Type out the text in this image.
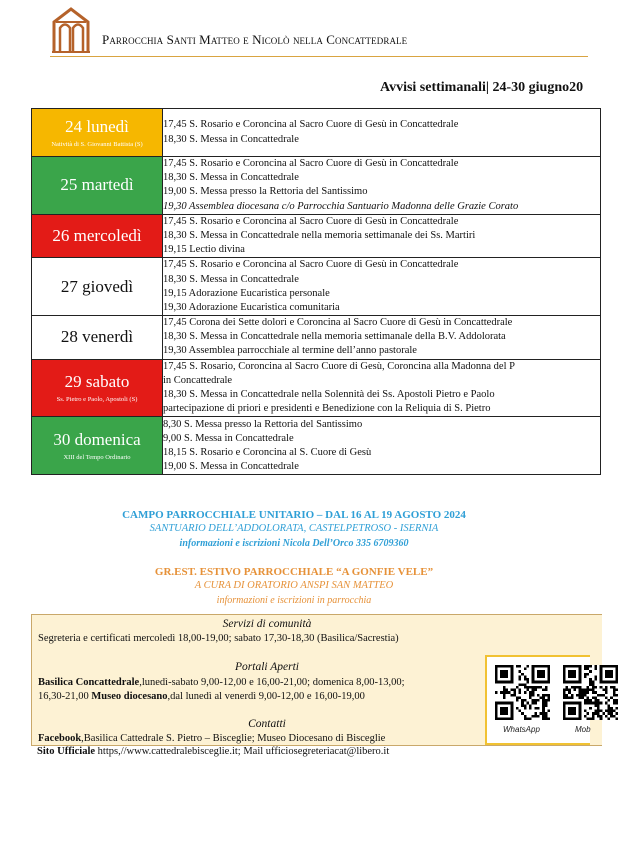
Parrocchia Santi Matteo e Nicolò nella Concattedrale
Avvisi settimanali| 24-30 giugno20
24 lunedì
Natività di S. Giovanni Battista (S)	17,45 S. Rosario e Coroncina al Sacro Cuore di Gesù in Concattedrale
18,30 S. Messa in Concattedrale

25 martedì	17,45 S. Rosario e Coroncina al Sacro Cuore di Gesù in Concattedrale
18,30 S. Messa in Concattedrale
19,00 S. Messa presso la Rettoria del Santissimo
19,30 Assemblea diocesana c/o Parrocchia Santuario Madonna delle Grazie Corato

26 mercoledì	17,45 S. Rosario e Coroncina al Sacro Cuore di Gesù in Concattedrale
18,30 S. Messa in Concattedrale nella memoria settimanale dei Ss. Martiri
19,15 Lectio divina

27 giovedì	17,45 S. Rosario e Coroncina al Sacro Cuore di Gesù in Concattedrale
18,30 S. Messa in Concattedrale
19,15 Adorazione Eucaristica personale
19,30 Adorazione Eucaristica comunitaria

28 venerdì	17,45 Corona dei Sette dolori e Coroncina al Sacro Cuore di Gesù in Concattedrale
18,30 S. Messa in Concattedrale nella memoria settimanale della B.V. Addolorata
19,30 Assemblea parrocchiale al termine dell’anno pastorale

29 sabato
Ss. Pietro e Paolo, Apostoli (S)	17,45 S. Rosario, Coroncina al Sacro Cuore di Gesù, Coroncina alla Madonna del P
in Concattedrale
18,30 S. Messa in Concattedrale nella Solennità dei Ss. Apostoli Pietro e Paolo
partecipazione di priori e presidenti e Benedizione con la Reliquia di S. Pietro

30 domenica
XIII del Tempo Ordinario	8,30 S. Messa presso la Rettoria del Santissimo
9,00 S. Messa in Concattedrale
18,15 S. Rosario e Coroncina al S. Cuore di Gesù
19,00 S. Messa in Concattedrale
CAMPO PARROCCHIALE UNITARIO – DAL 16 AL 19 AGOSTO 2024
SANTUARIO DELL’ADDOLORATA, CASTELPETROSO - ISERNIA
informazioni e iscrizioni Nicola Dell’Orco 335 6709360
GR.EST. ESTIVO PARROCCHIALE “A GONFIE VELE”
A CURA DI ORATORIO ANSPI SAN MATTEO
informazioni e iscrizioni in parrocchia
Servizi di comunità
Segreteria e certificati mercoledì 18,00-19,00; sabato 17,30-18,30 (Basilica/Sacrestia)
Portali Aperti
Basilica Concattedrale,lunedì-sabato 9,00-12,00 e 16,00-21,00; domenica 8,00-13,00;
16,30-21,00 Museo diocesano,dal lunedì al venerdì 9,00-12,00 e 16,00-19,00
Contatti
Facebook,Basilica Cattedrale S. Pietro – Bisceglie; Museo Diocesano di Bisceglie
Sito Ufficiale https,//www.cattedralebisceglie.it; Mail ufficiosegreteriacat@libero.it
WhatsApp	Mob
